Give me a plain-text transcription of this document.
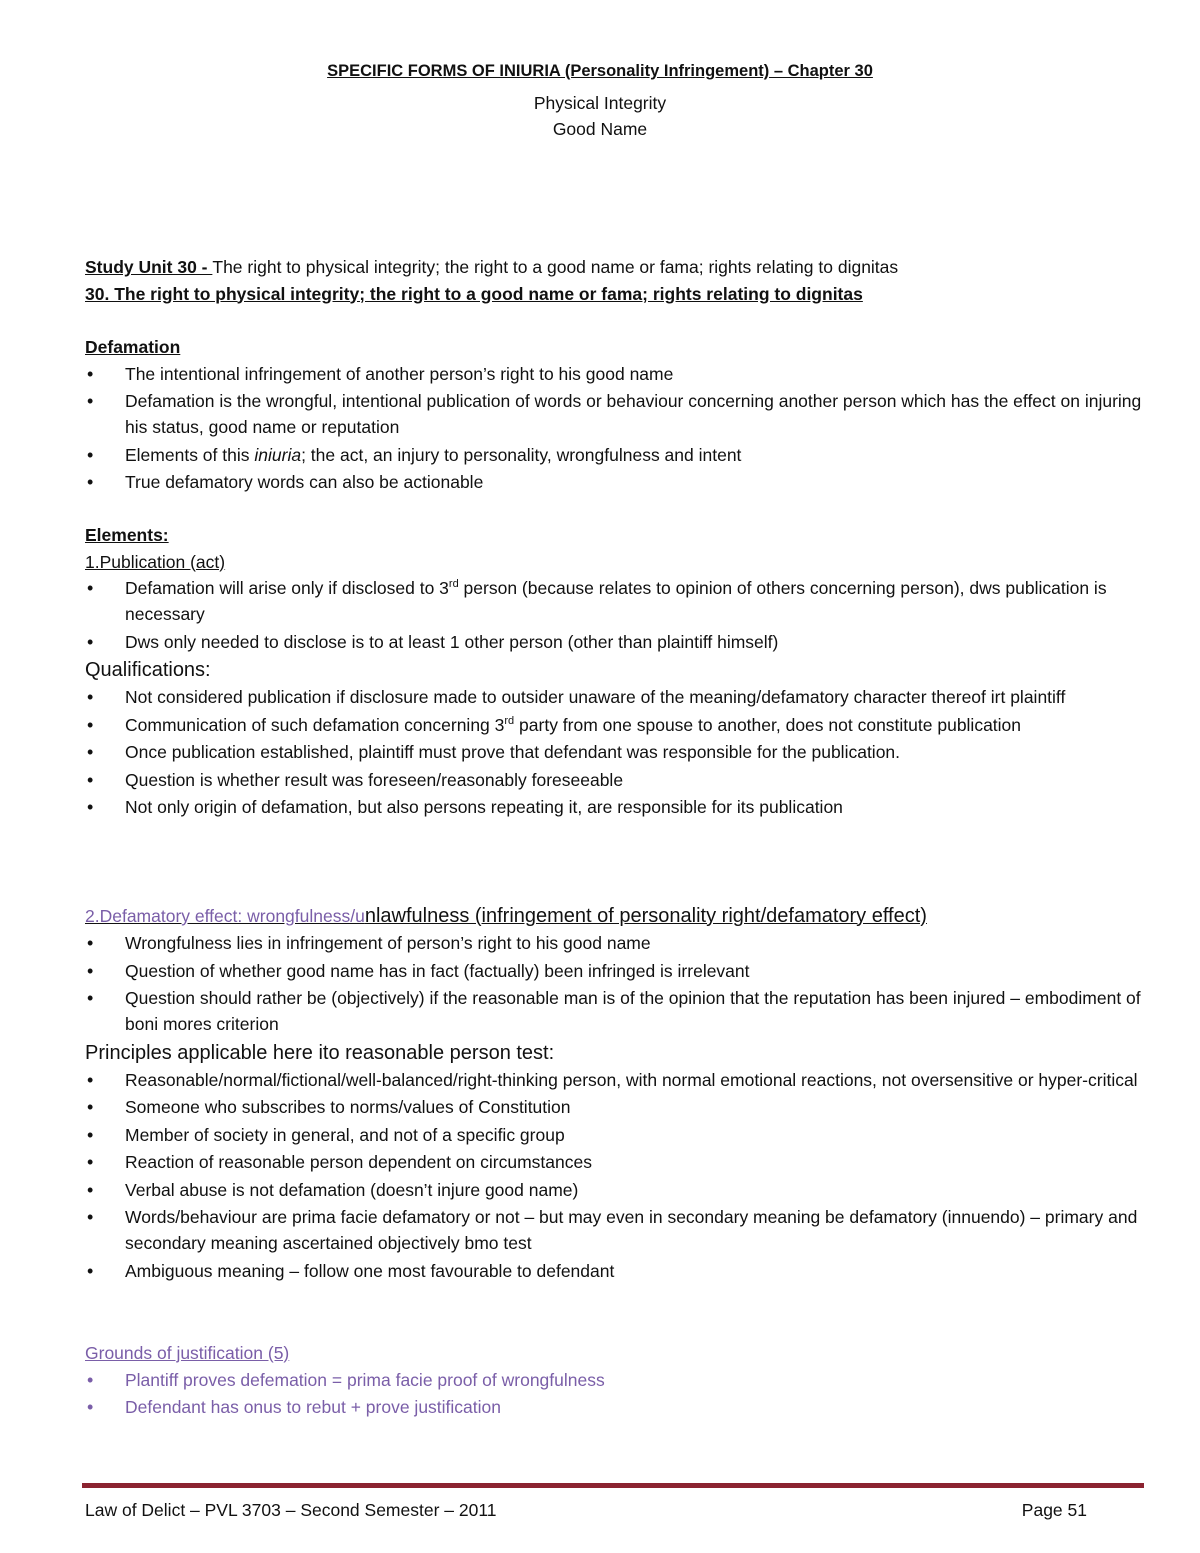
SPECIFIC FORMS OF INIURIA (Personality Infringement) – Chapter 30
Physical Integrity
Good Name
Study Unit 30 - The right to physical integrity; the right to a good name or fama; rights relating to dignitas
30. The right to physical integrity; the right to a good name or fama; rights relating to dignitas
Defamation
• The intentional infringement of another person’s right to his good name
• Defamation is the wrongful, intentional publication of words or behaviour concerning another person which has the effect on injuring his status, good name or reputation
• Elements of this iniuria; the act, an injury to personality, wrongfulness and intent
• True defamatory words can also be actionable
Elements:
1.Publication (act)
• Defamation will arise only if disclosed to 3rd person (because relates to opinion of others concerning person), dws publication is necessary
• Dws only needed to disclose is to at least 1 other person (other than plaintiff himself)
Qualifications:
• Not considered publication if disclosure made to outsider unaware of the meaning/defamatory character thereof irt plaintiff
• Communication of such defamation concerning 3rd party from one spouse to another, does not constitute publication
• Once publication established, plaintiff must prove that defendant was responsible for the publication.
• Question is whether result was foreseen/reasonably foreseeable
• Not only origin of defamation, but also persons repeating it, are responsible for its publication
2.Defamatory effect: wrongfulness/unlawfulness (infringement of personality right/defamatory effect)
• Wrongfulness lies in infringement of person’s right to his good name
• Question of whether good name has in fact (factually) been infringed is irrelevant
• Question should rather be (objectively) if the reasonable man is of the opinion that the reputation has been injured – embodiment of boni mores criterion
Principles applicable here ito reasonable person test:
• Reasonable/normal/fictional/well-balanced/right-thinking person, with normal emotional reactions, not oversensitive or hyper-critical
• Someone who subscribes to norms/values of Constitution
• Member of society in general, and not of a specific group
• Reaction of reasonable person dependent on circumstances
• Verbal abuse is not defamation (doesn’t injure good name)
• Words/behaviour are prima facie defamatory or not – but may even in secondary meaning be defamatory (innuendo) – primary and secondary meaning ascertained objectively bmo test
• Ambiguous meaning – follow one most favourable to defendant
Grounds of justification (5)
• Plantiff proves defemation = prima facie proof of wrongfulness
• Defendant has onus to rebut + prove justification
Law of Delict – PVL 3703 – Second Semester – 2011	Page 51
